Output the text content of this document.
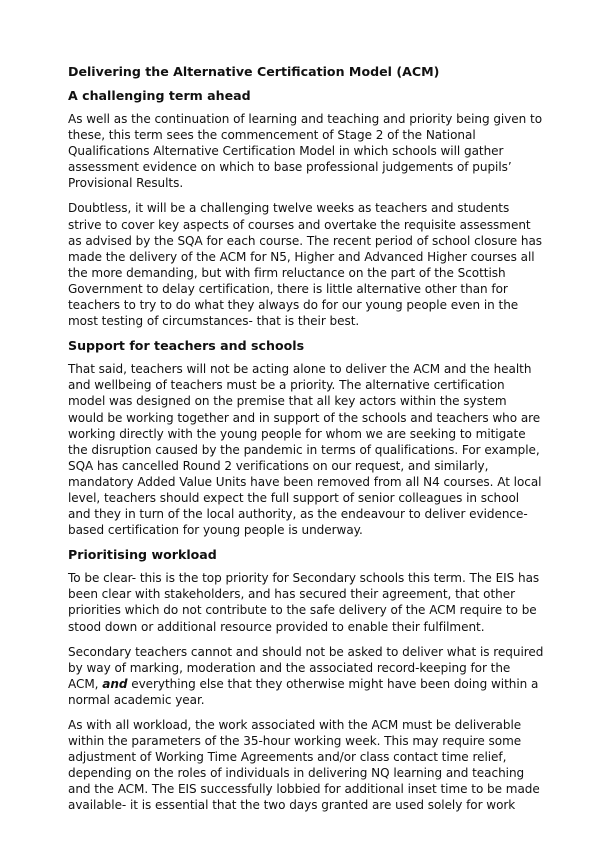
Delivering the Alternative Certification Model (ACM)
A challenging term ahead

As well as the continuation of learning and teaching and priority being given to these, this term sees the commencement of Stage 2 of the National Qualifications Alternative Certification Model in which schools will gather assessment evidence on which to base professional judgements of pupils’ Provisional Results.

Doubtless, it will be a challenging twelve weeks as teachers and students strive to cover key aspects of courses and overtake the requisite assessment as advised by the SQA for each course. The recent period of school closure has made the delivery of the ACM for N5, Higher and Advanced Higher courses all the more demanding, but with firm reluctance on the part of the Scottish Government to delay certification, there is little alternative other than for teachers to try to do what they always do for our young people even in the most testing of circumstances- that is their best.

Support for teachers and schools

That said, teachers will not be acting alone to deliver the ACM and the health and wellbeing of teachers must be a priority. The alternative certification model was designed on the premise that all key actors within the system would be working together and in support of the schools and teachers who are working directly with the young people for whom we are seeking to mitigate the disruption caused by the pandemic in terms of qualifications. For example, SQA has cancelled Round 2 verifications on our request, and similarly, mandatory Added Value Units have been removed from all N4 courses. At local level, teachers should expect the full support of senior colleagues in school and they in turn of the local authority, as the endeavour to deliver evidence-based certification for young people is underway.

Prioritising workload

To be clear- this is the top priority for Secondary schools this term. The EIS has been clear with stakeholders, and has secured their agreement, that other priorities which do not contribute to the safe delivery of the ACM require to be stood down or additional resource provided to enable their fulfilment.

Secondary teachers cannot and should not be asked to deliver what is required by way of marking, moderation and the associated record-keeping for the ACM, and everything else that they otherwise might have been doing within a normal academic year.

As with all workload, the work associated with the ACM must be deliverable within the parameters of the 35-hour working week. This may require some adjustment of Working Time Agreements and/or class contact time relief, depending on the roles of individuals in delivering NQ learning and teaching and the ACM. The EIS successfully lobbied for additional inset time to be made available- it is essential that the two days granted are used solely for work
